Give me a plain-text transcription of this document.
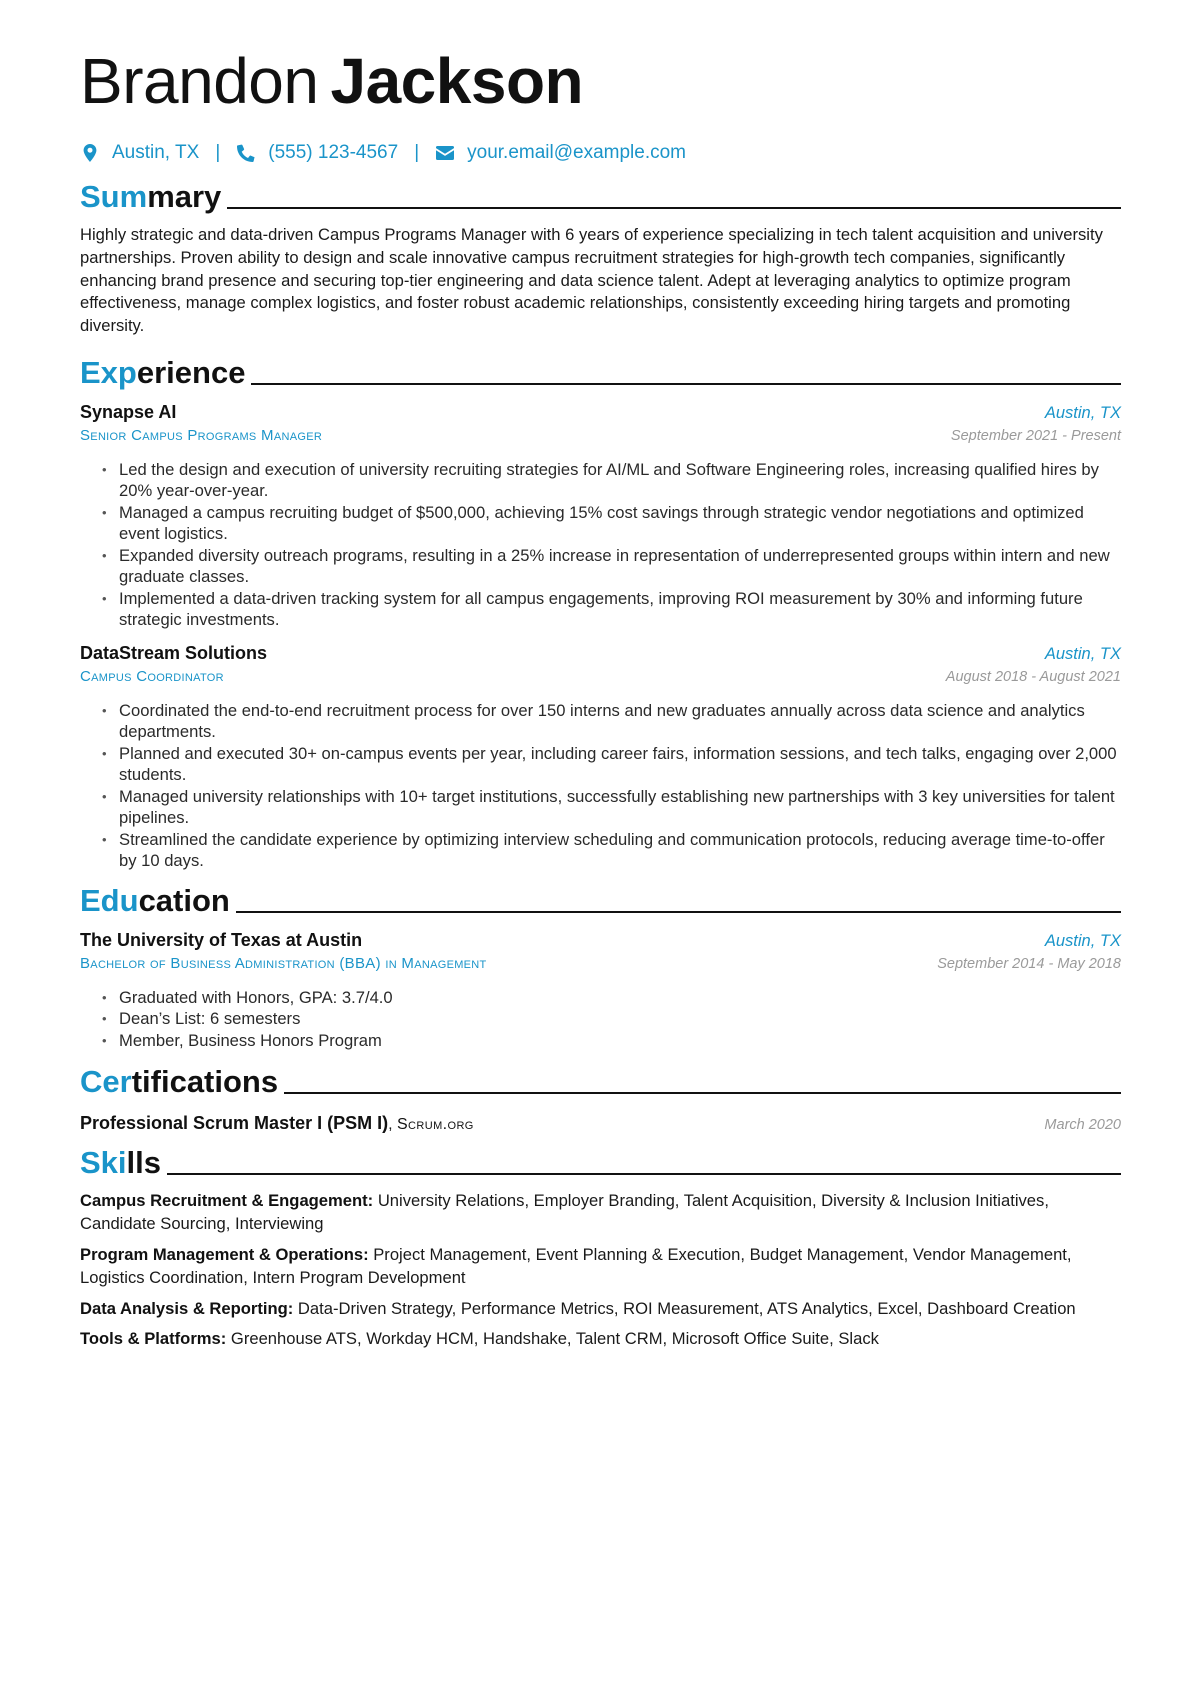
Brandon Jackson
Austin, TX |	(555) 123-4567 |	your.email@example.com
Summary

Highly strategic and data-driven Campus Programs Manager with 6 years of experience specializing in tech talent acquisition and university partnerships. Proven ability to design and scale innovative campus recruitment strategies for high-growth tech companies, significantly enhancing brand presence and securing top-tier engineering and data science talent. Adept at leveraging analytics to optimize program effectiveness, manage complex logistics, and foster robust academic relationships, consistently exceeding hiring targets and promoting diversity.

Experience
Synapse AI	Austin, TX
Senior Campus Programs Manager	September 2021 - Present
• Led the design and execution of university recruiting strategies for AI/ML and Software Engineering roles, increasing qualified hires by 20% year-over-year.
• Managed a campus recruiting budget of $500,000, achieving 15% cost savings through strategic vendor negotiations and optimized event logistics.
• Expanded diversity outreach programs, resulting in a 25% increase in representation of underrepresented groups within intern and new graduate classes.
• Implemented a data-driven tracking system for all campus engagements, improving ROI measurement by 30% and informing future strategic investments.
DataStream Solutions	Austin, TX
Campus Coordinator	August 2018 - August 2021
• Coordinated the end-to-end recruitment process for over 150 interns and new graduates annually across data science and analytics departments.
• Planned and executed 30+ on-campus events per year, including career fairs, information sessions, and tech talks, engaging over 2,000 students.
• Managed university relationships with 10+ target institutions, successfully establishing new partnerships with 3 key universities for talent pipelines.
• Streamlined the candidate experience by optimizing interview scheduling and communication protocols, reducing average time-to-offer by 10 days.
Education
The University of Texas at Austin	Austin, TX
Bachelor of Business Administration (BBA) in Management	September 2014 - May 2018
• Graduated with Honors, GPA: 3.7/4.0
• Dean’s List: 6 semesters
• Member, Business Honors Program
Certifications
Professional Scrum Master I (PSM I), Scrum.org	March 2020
Skills
Campus Recruitment & Engagement: University Relations, Employer Branding, Talent Acquisition, Diversity & Inclusion Initiatives, Candidate Sourcing, Interviewing
Program Management & Operations: Project Management, Event Planning & Execution, Budget Management, Vendor Management, Logistics Coordination, Intern Program Development
Data Analysis & Reporting: Data-Driven Strategy, Performance Metrics, ROI Measurement, ATS Analytics, Excel, Dashboard Creation
Tools & Platforms: Greenhouse ATS, Workday HCM, Handshake, Talent CRM, Microsoft Office Suite, Slack
